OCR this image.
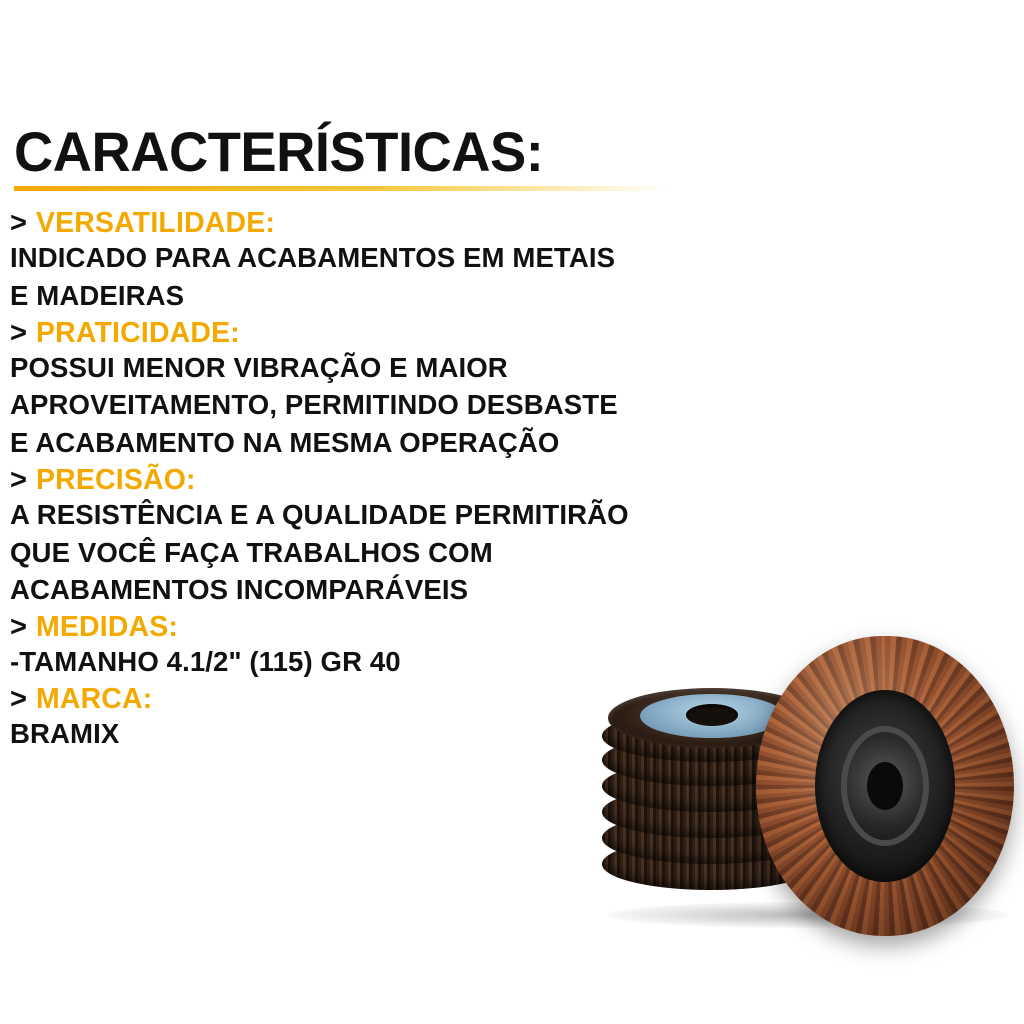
CARACTERÍSTICAS:
> VERSATILIDADE:
INDICADO PARA ACABAMENTOS EM METAIS
E MADEIRAS
> PRATICIDADE:
POSSUI MENOR VIBRAÇÃO E MAIOR
APROVEITAMENTO, PERMITINDO DESBASTE
E ACABAMENTO NA MESMA OPERAÇÃO
> PRECISÃO:
A RESISTÊNCIA E A QUALIDADE PERMITIRÃO
QUE VOCÊ FAÇA TRABALHOS COM
ACABAMENTOS INCOMPARÁVEIS
> MEDIDAS:
-TAMANHO 4.1/2" (115) GR 40
> MARCA:
BRAMIX
